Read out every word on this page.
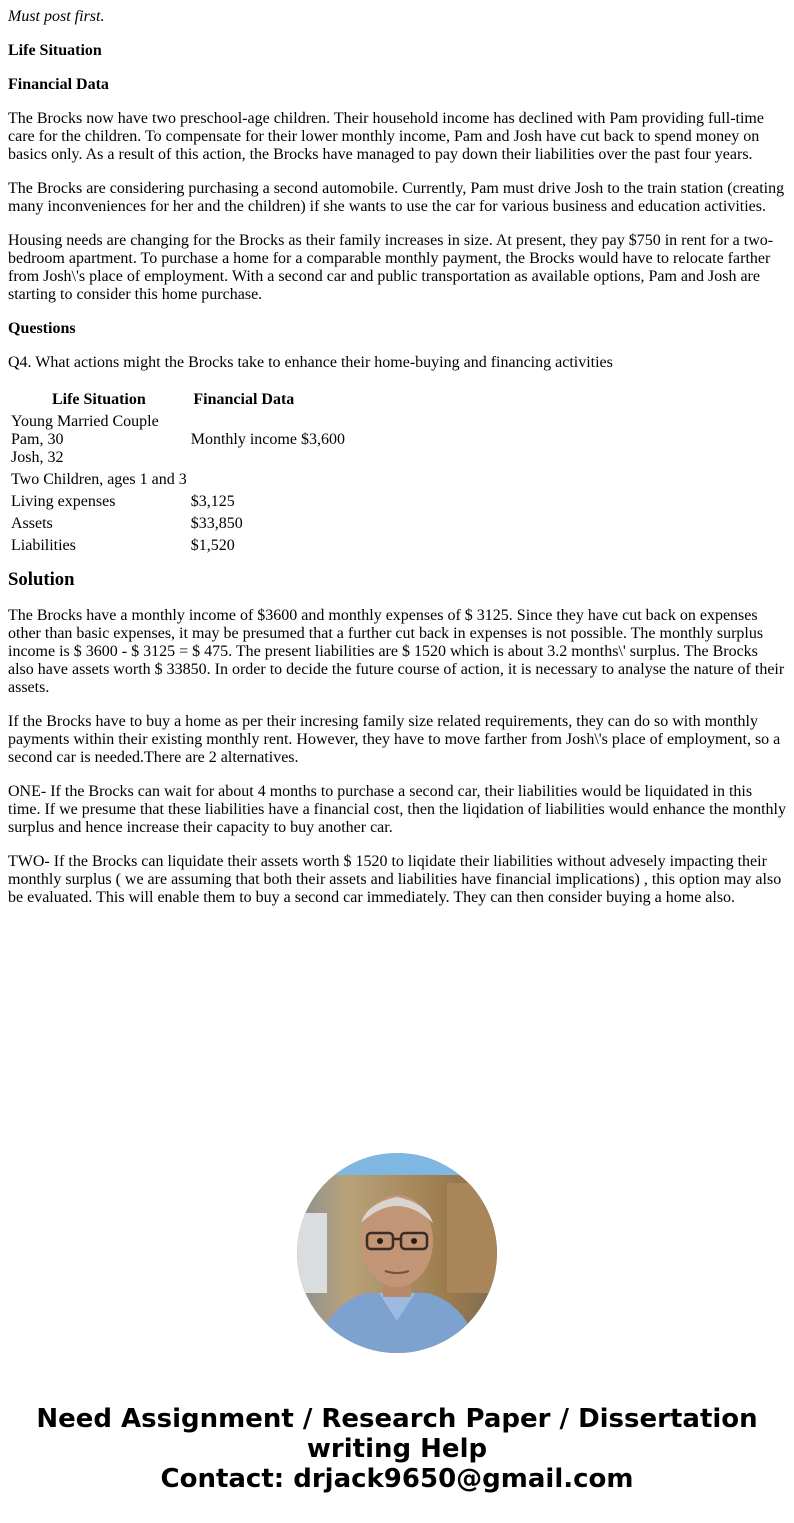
Must post first.

Life Situation

Financial Data

The Brocks now have two preschool-age children. Their household income has declined with Pam providing full-time care for the children. To compensate for their lower monthly income, Pam and Josh have cut back to spend money on basics only. As a result of this action, the Brocks have managed to pay down their liabilities over the past four years.

The Brocks are considering purchasing a second automobile. Currently, Pam must drive Josh to the train station (creating many inconveniences for her and the children) if she wants to use the car for various business and education activities.

Housing needs are changing for the Brocks as their family increases in size. At present, they pay $750 in rent for a two-bedroom apartment. To purchase a home for a comparable monthly payment, the Brocks would have to relocate farther from Josh\'s place of employment. With a second car and public transportation as available options, Pam and Josh are starting to consider this home purchase.

Questions

Q4. What actions might the Brocks take to enhance their home-buying and financing activities

Life Situation	Financial Data	

Young Married Couple
Pam, 30
Josh, 32	Monthly income	$3,600
Two Children, ages 1 and 3		
Living expenses	$3,125	
Assets	$33,850	
Liabilities	$1,520	
Solution

The Brocks have a monthly income of $3600 and monthly expenses of $ 3125. Since they have cut back on expenses other than basic expenses, it may be presumed that a further cut back in expenses is not possible. The monthly surplus income is $ 3600 - $ 3125 = $ 475. The present liabilities are $ 1520 which is about 3.2 months\' surplus. The Brocks also have assets worth $ 33850. In order to decide the future course of action, it is necessary to analyse the nature of their assets.

If the Brocks have to buy a home as per their incresing family size related requirements, they can do so with monthly payments within their existing monthly rent. However, they have to move farther from Josh\'s place of employment, so a second car is needed.There are 2 alternatives.

ONE- If the Brocks can wait for about 4 months to purchase a second car, their liabilities would be liquidated in this time. If we presume that these liabilities have a financial cost, then the liqidation of liabilities would enhance the monthly surplus and hence increase their capacity to buy another car.

TWO- If the Brocks can liquidate their assets worth $ 1520 to liqidate their liabilities without advesely impacting their monthly surplus ( we are assuming that both their assets and liabilities have financial implications) , this option may also be evaluated. This will enable them to buy a second car immediately. They can then consider buying a home also.

Need Assignment / Research Paper / Dissertation
writing Help
Contact: drjack9650@gmail.com
